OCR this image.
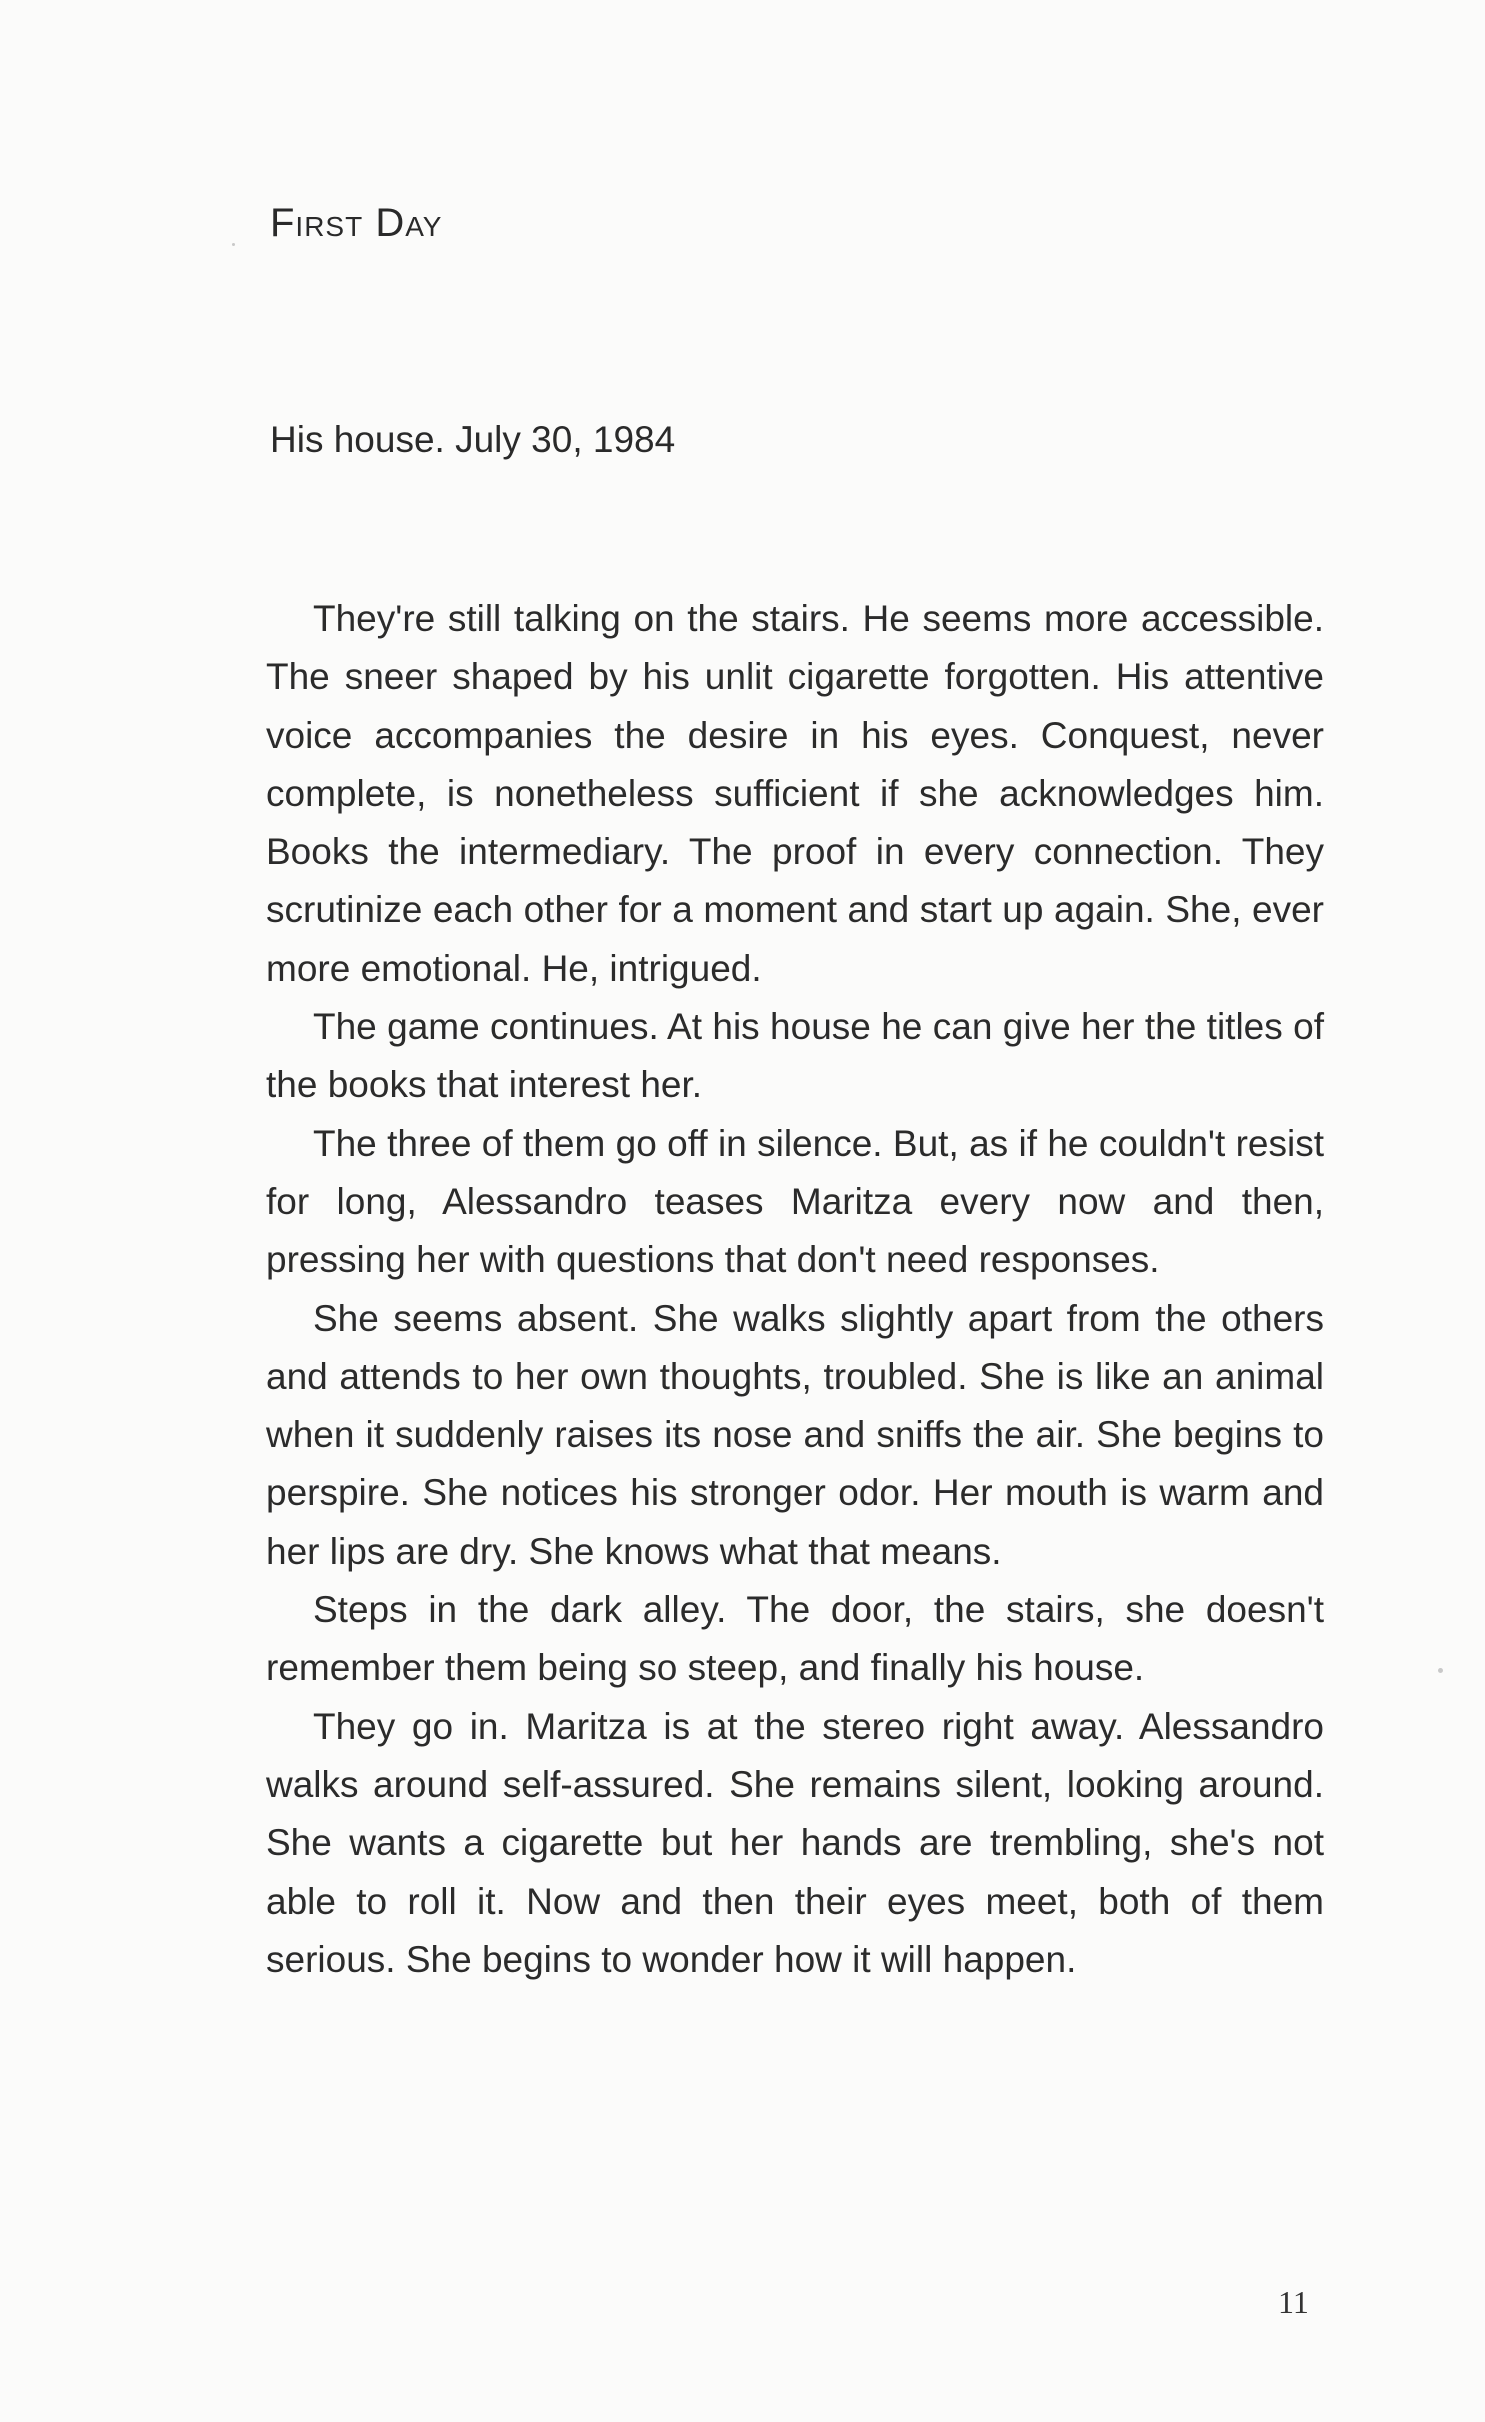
First Day
His house. July 30, 1984

They're still talking on the stairs. He seems more accessible. The sneer shaped by his unlit cigarette forgotten. His attentive voice accompanies the desire in his eyes. Conquest, never complete, is nonetheless sufficient if she acknowledges him. Books the intermediary. The proof in every connection. They scrutinize each other for a moment and start up again. She, ever more emotional. He, intrigued.

The game continues. At his house he can give her the titles of the books that interest her.

The three of them go off in silence. But, as if he couldn't resist for long, Alessandro teases Maritza every now and then, pressing her with questions that don't need responses.

She seems absent. She walks slightly apart from the others and attends to her own thoughts, troubled. She is like an animal when it suddenly raises its nose and sniffs the air. She begins to perspire. She notices his stronger odor. Her mouth is warm and her lips are dry. She knows what that means.

Steps in the dark alley. The door, the stairs, she doesn't remember them being so steep, and finally his house.

They go in. Maritza is at the stereo right away. Alessandro walks around self-assured. She remains silent, looking around. She wants a cigarette but her hands are trembling, she's not able to roll it. Now and then their eyes meet, both of them serious. She begins to wonder how it will happen.

11
